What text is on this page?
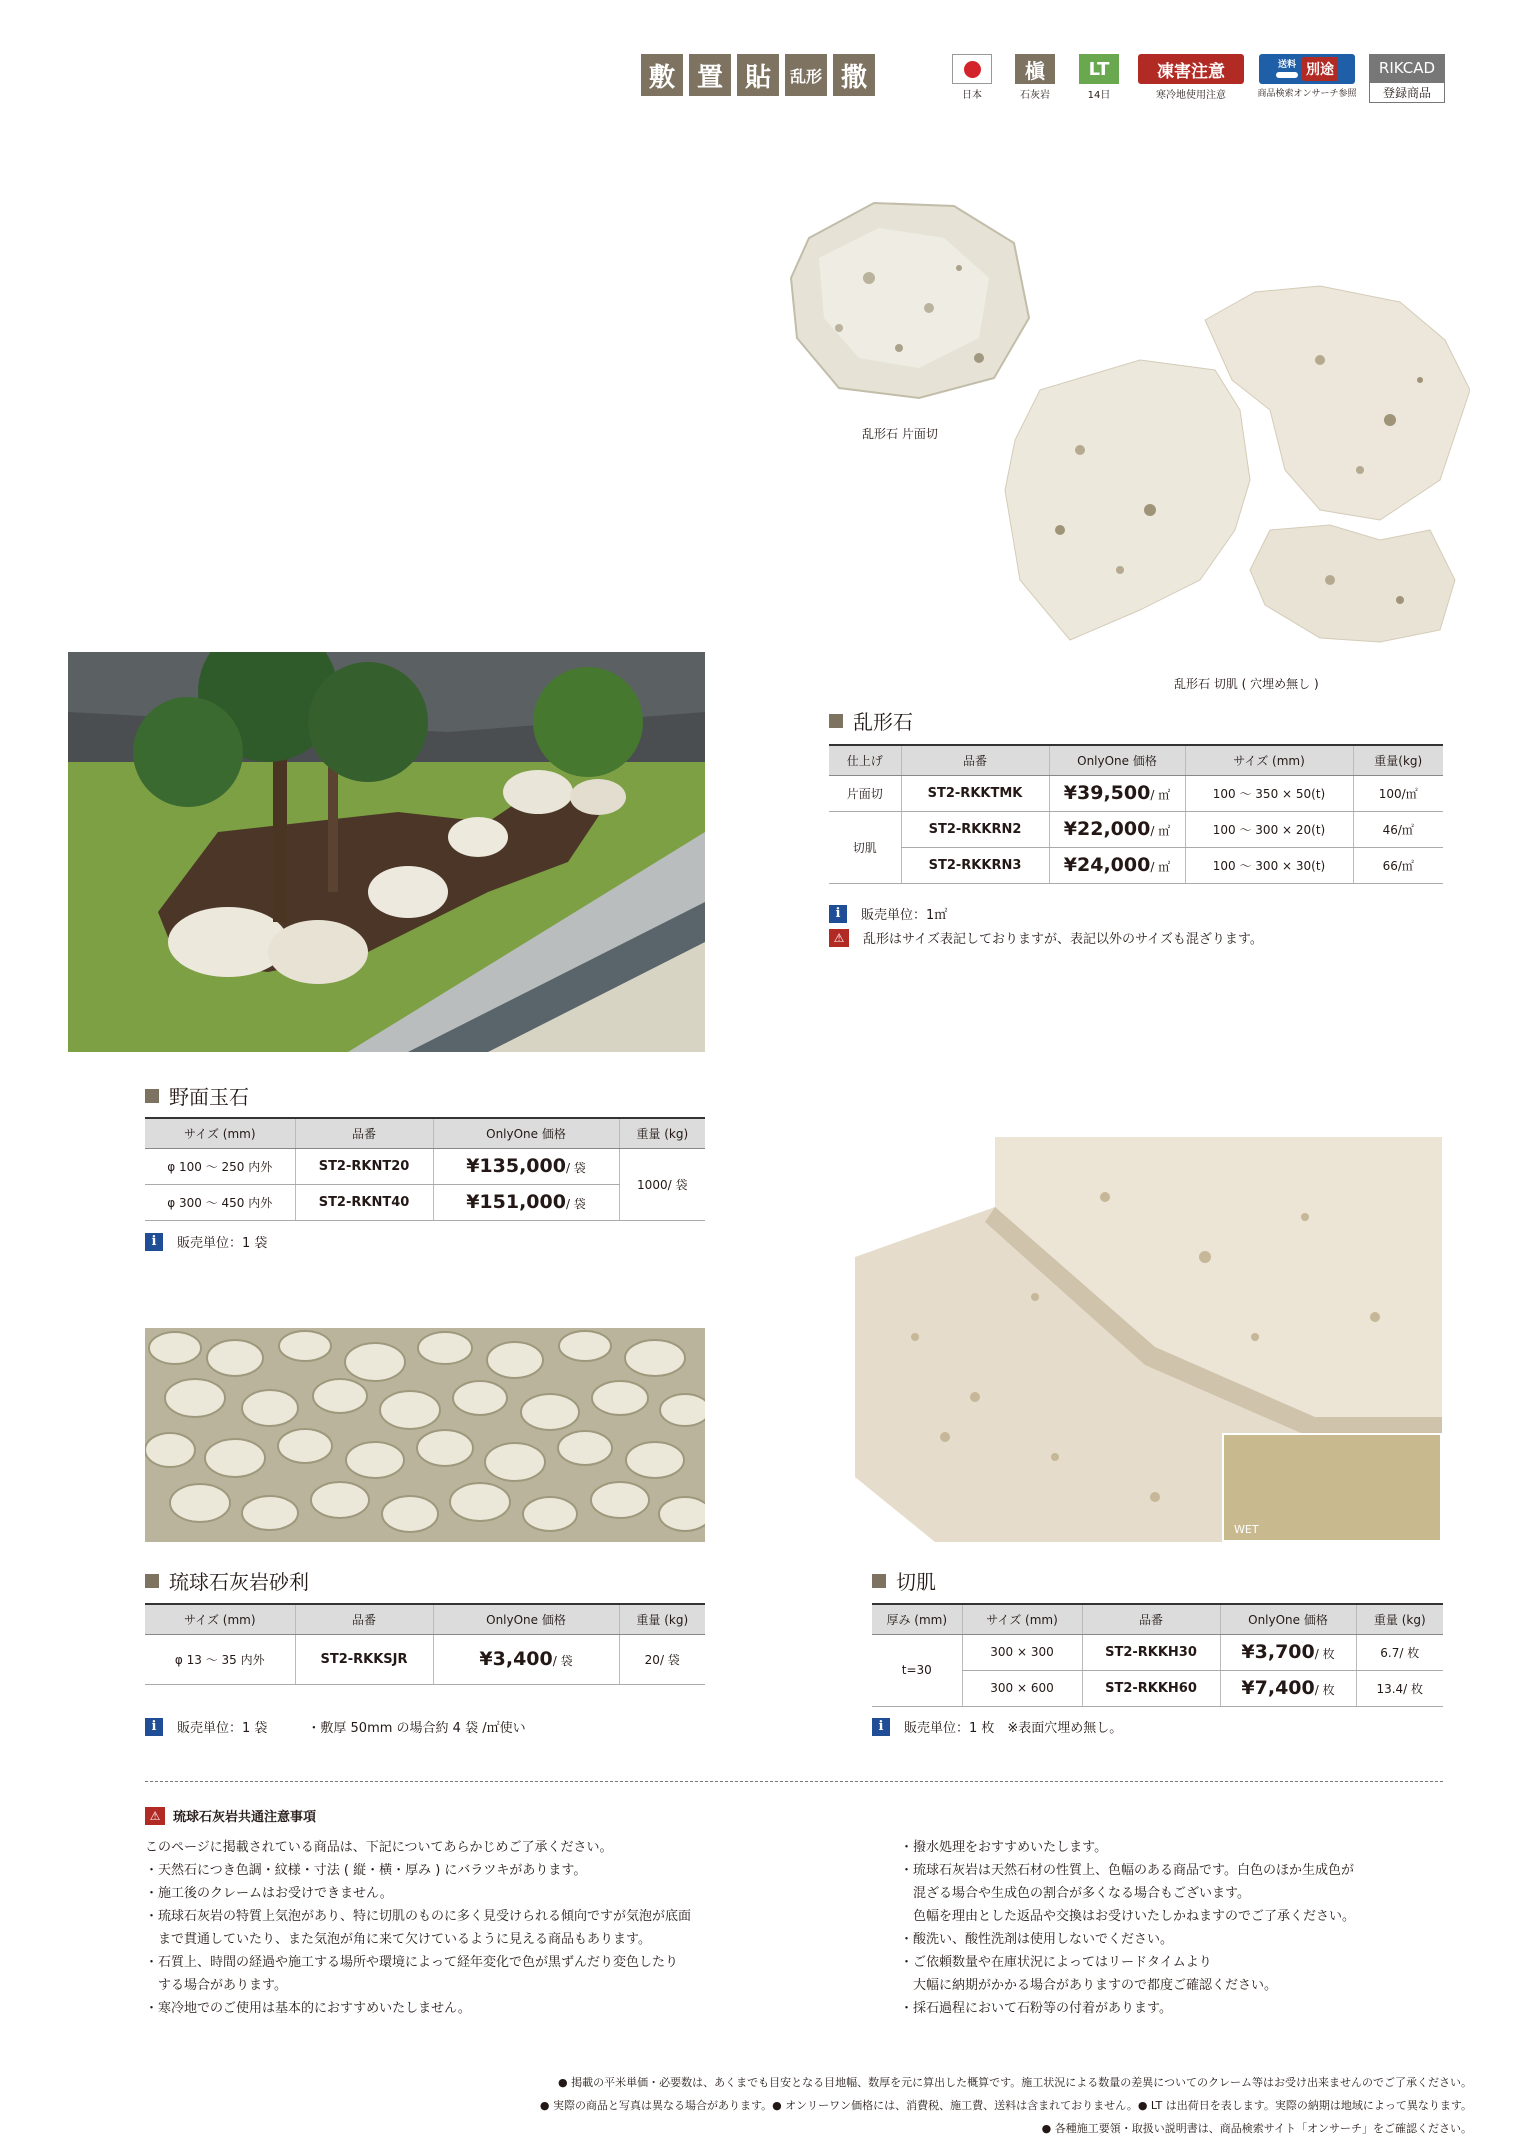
敷 置 貼	乱形 撒
日本
槇
石灰岩
LT
14日
凍害注意
寒冷地使用注意
送料 別途
商品検索オンサーチ参照
RIKCAD
登録商品
乱形石 片面切
乱形石 切肌 ( 穴埋め無し )
WET
乱形石
仕上げ	品番	OnlyOne 価格	サイズ (mm)	重量(kg)
片面切	ST2-RKKTMK	¥39,500/ ㎡	100 ～ 350 × 50(t)	100/㎡
切肌	ST2-RKKRN2	¥22,000/ ㎡	100 ～ 300 × 20(t)	46/㎡
	ST2-RKKRN3	¥24,000/ ㎡	100 ～ 300 × 30(t)	66/㎡
i	販売単位：1㎡
⚠	乱形はサイズ表記しておりますが、表記以外のサイズも混ざります。
野面玉石
サイズ (mm)	品番	OnlyOne 価格	重量 (kg)
φ 100 ～ 250 内外	ST2-RKNT20	¥135,000/ 袋	1000/ 袋
φ 300 ～ 450 内外	ST2-RKNT40	¥151,000/ 袋	
i	販売単位：1 袋
琉球石灰岩砂利
サイズ (mm)	品番	OnlyOne 価格	重量 (kg)
φ 13 ～ 35 内外	ST2-RKKSJR	¥3,400/ 袋	20/ 袋
i	販売単位：1 袋	・敷厚 50mm の場合約 4 袋 /㎡使い
切肌
厚み (mm)	サイズ (mm)	品番	OnlyOne 価格	重量 (kg)
t=30	300 × 300	ST2-RKKH30	¥3,700/ 枚	6.7/ 枚
	300 × 600	ST2-RKKH60	¥7,400/ 枚	13.4/ 枚
i	販売単位：1 枚　※表面穴埋め無し。
⚠ 琉球石灰岩共通注意事項
このページに掲載されている商品は、下記についてあらかじめご了承ください。
・天然石につき色調・紋様・寸法 ( 縦・横・厚み ) にバラツキがあります。
・施工後のクレームはお受けできません。
・琉球石灰岩の特質上気泡があり、特に切肌のものに多く見受けられる傾向ですが気泡が底面
　まで貫通していたり、また気泡が角に来て欠けているように見える商品もあります。
・石質上、時間の経過や施工する場所や環境によって経年変化で色が黒ずんだり変色したり
　する場合があります。
・寒冷地でのご使用は基本的におすすめいたしません。
・撥水処理をおすすめいたします。
・琉球石灰岩は天然石材の性質上、色幅のある商品です。白色のほか生成色が
　混ざる場合や生成色の割合が多くなる場合もございます。
　色幅を理由とした返品や交換はお受けいたしかねますのでご了承ください。
・酸洗い、酸性洗剤は使用しないでください。
・ご依頼数量や在庫状況によってはリードタイムより
　大幅に納期がかかる場合がありますので都度ご確認ください。
・採石過程において石粉等の付着があります。
● 掲載の平米単価・必要数は、あくまでも目安となる目地幅、数厚を元に算出した概算です。施工状況による数量の差異についてのクレーム等はお受け出来ませんのでご了承ください。
● 実際の商品と写真は異なる場合があります。● オンリーワン価格には、消費税、施工費、送料は含まれておりません。● LT は出荷日を表します。実際の納期は地域によって異なります。
● 各種施工要領・取扱い説明書は、商品検索サイト「オンサーチ」をご確認ください。
